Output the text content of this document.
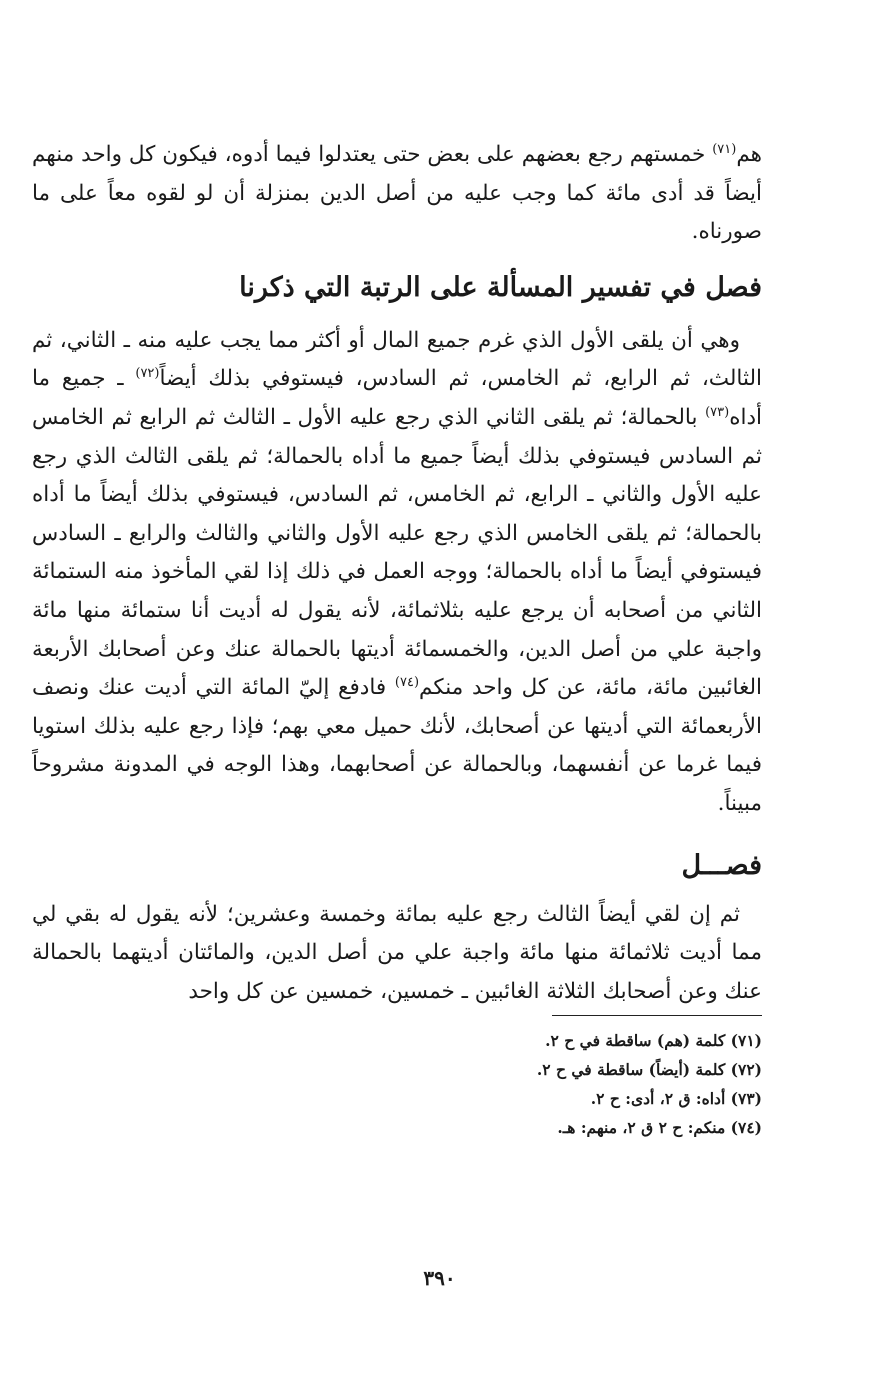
هم$^{(٧١)}$ خمستهم رجع بعضهم على بعض حتى يعتدلوا فيما أدوه، فيكون كل واحد منهم أيضاً قد أدى مائة كما وجب عليه من أصل الدين بمنزلة أن لو لقوه معاً على ما صورناه.

فصل في تفسير المسألة على الرتبة التي ذكرنا

وهي أن يلقى الأول الذي غرم جميع المال أو أكثر مما يجب عليه منه ـ الثاني، ثم الثالث، ثم الرابع، ثم الخامس، ثم السادس، فيستوفي بذلك أيضاً$^{(٧٢)}$ ـ جميع ما أداه$^{(٧٣)}$ بالحمالة؛ ثم يلقى الثاني الذي رجع عليه الأول ـ الثالث ثم الرابع ثم الخامس ثم السادس فيستوفي بذلك أيضاً جميع ما أداه بالحمالة؛ ثم يلقى الثالث الذي رجع عليه الأول والثاني ـ الرابع، ثم الخامس، ثم السادس، فيستوفي بذلك أيضاً ما أداه بالحمالة؛ ثم يلقى الخامس الذي رجع عليه الأول والثاني والثالث والرابع ـ السادس فيستوفي أيضاً ما أداه بالحمالة؛ ووجه العمل في ذلك إذا لقي المأخوذ منه الستمائة الثاني من أصحابه أن يرجع عليه بثلاثمائة، لأنه يقول له أديت أنا ستمائة منها مائة واجبة علي من أصل الدين، والخمسمائة أديتها بالحمالة عنك وعن أصحابك الأربعة الغائبين مائة، مائة، عن كل واحد منكم$^{(٧٤)}$ فادفع إليّ المائة التي أديت عنك ونصف الأربعمائة التي أديتها عن أصحابك، لأنك حميل معي بهم؛ فإذا رجع عليه بذلك استويا فيما غرما عن أنفسهما، وبالحمالة عن أصحابهما، وهذا الوجه في المدونة مشروحاً مبيناً.

فصـــل

ثم إن لقي أيضاً الثالث رجع عليه بمائة وخمسة وعشرين؛ لأنه يقول له بقي لي مما أديت ثلاثمائة منها مائة واجبة علي من أصل الدين، والمائتان أديتهما بالحمالة عنك وعن أصحابك الثلاثة الغائبين ـ خمسين، خمسين عن كل واحد

(٧١) كلمة (هم) ساقطة في ح ٢.
(٧٢) كلمة (أيضاً) ساقطة في ح ٢.
(٧٣) أداه: ق ٢، أدى: ح ٢.
(٧٤) منكم: ح ٢ ق ٢، منهم: هـ.
٣٩٠
